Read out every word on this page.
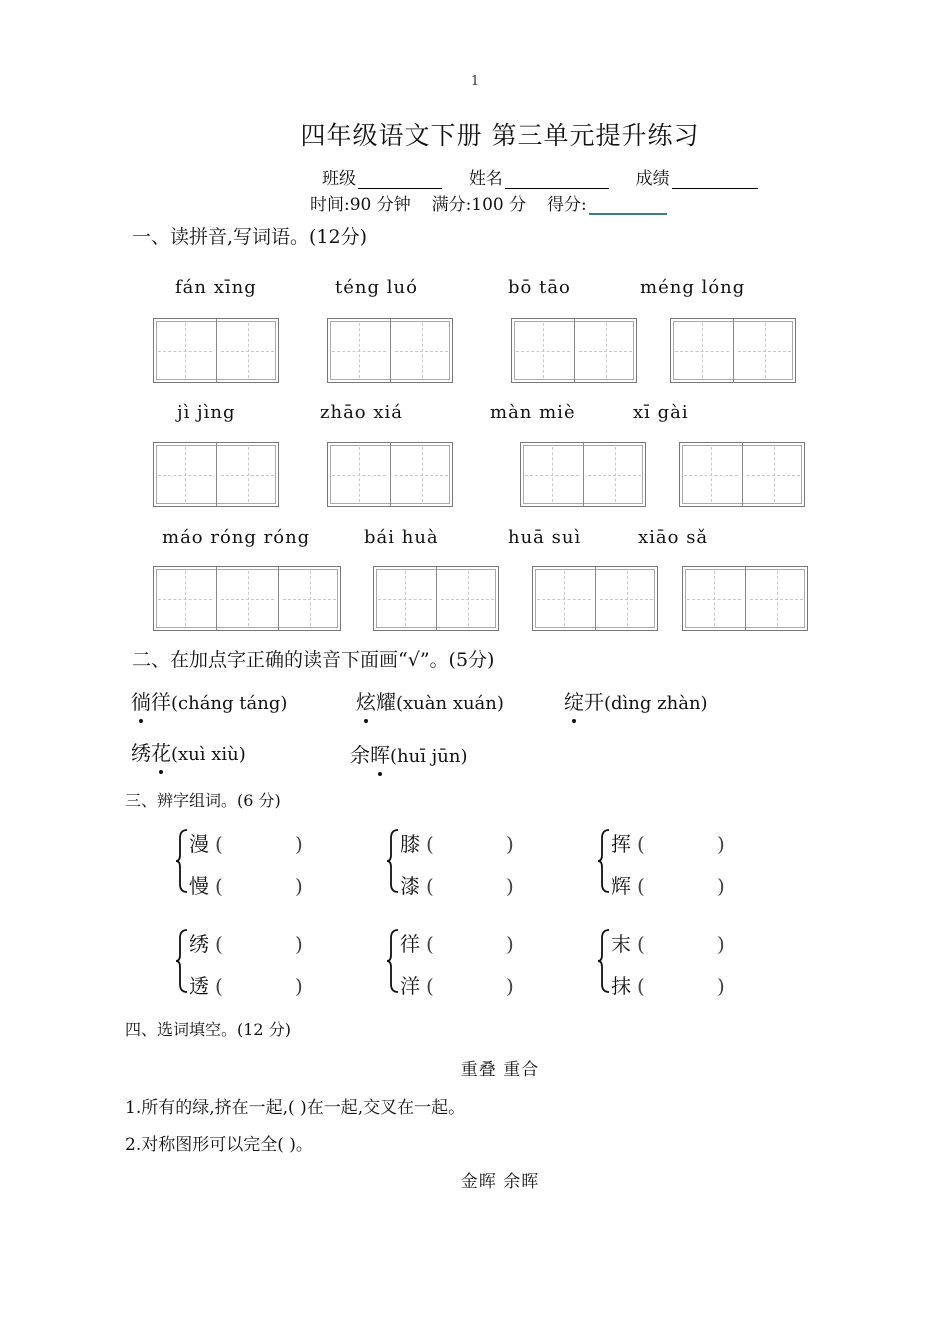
1
四年级语文下册 第三单元提升练习
班级	姓名	成绩
时间:90 分钟 满分:100 分 得分:
一、读拼音,写词语。(12分)
fán xīng	téng luó	bō tāo	méng lóng
jì jìng	zhāo xiá	màn miè	xī gài
máo róng róng	bái huà	huā suì	xiāo sǎ
二、在加点字正确的读音下面画“√”。(5分)
徜徉(cháng táng)	炫耀(xuàn xuán)	绽开(dìng zhàn)
绣花(xuì xiù)	余晖(huī jūn)
三、辨字组词。(6 分)
漫 (	)
慢 (	)
膝 (	)
漆 (	)
挥 (	)
辉 (	)
绣 (	)
透 (	)
徉 (	)
洋 (	)
末 (	)
抹 (	)
四、选词填空。(12 分)
重叠 重合
1.所有的绿,挤在一起,( )在一起,交叉在一起。
2.对称图形可以完全( )。
金晖 余晖
